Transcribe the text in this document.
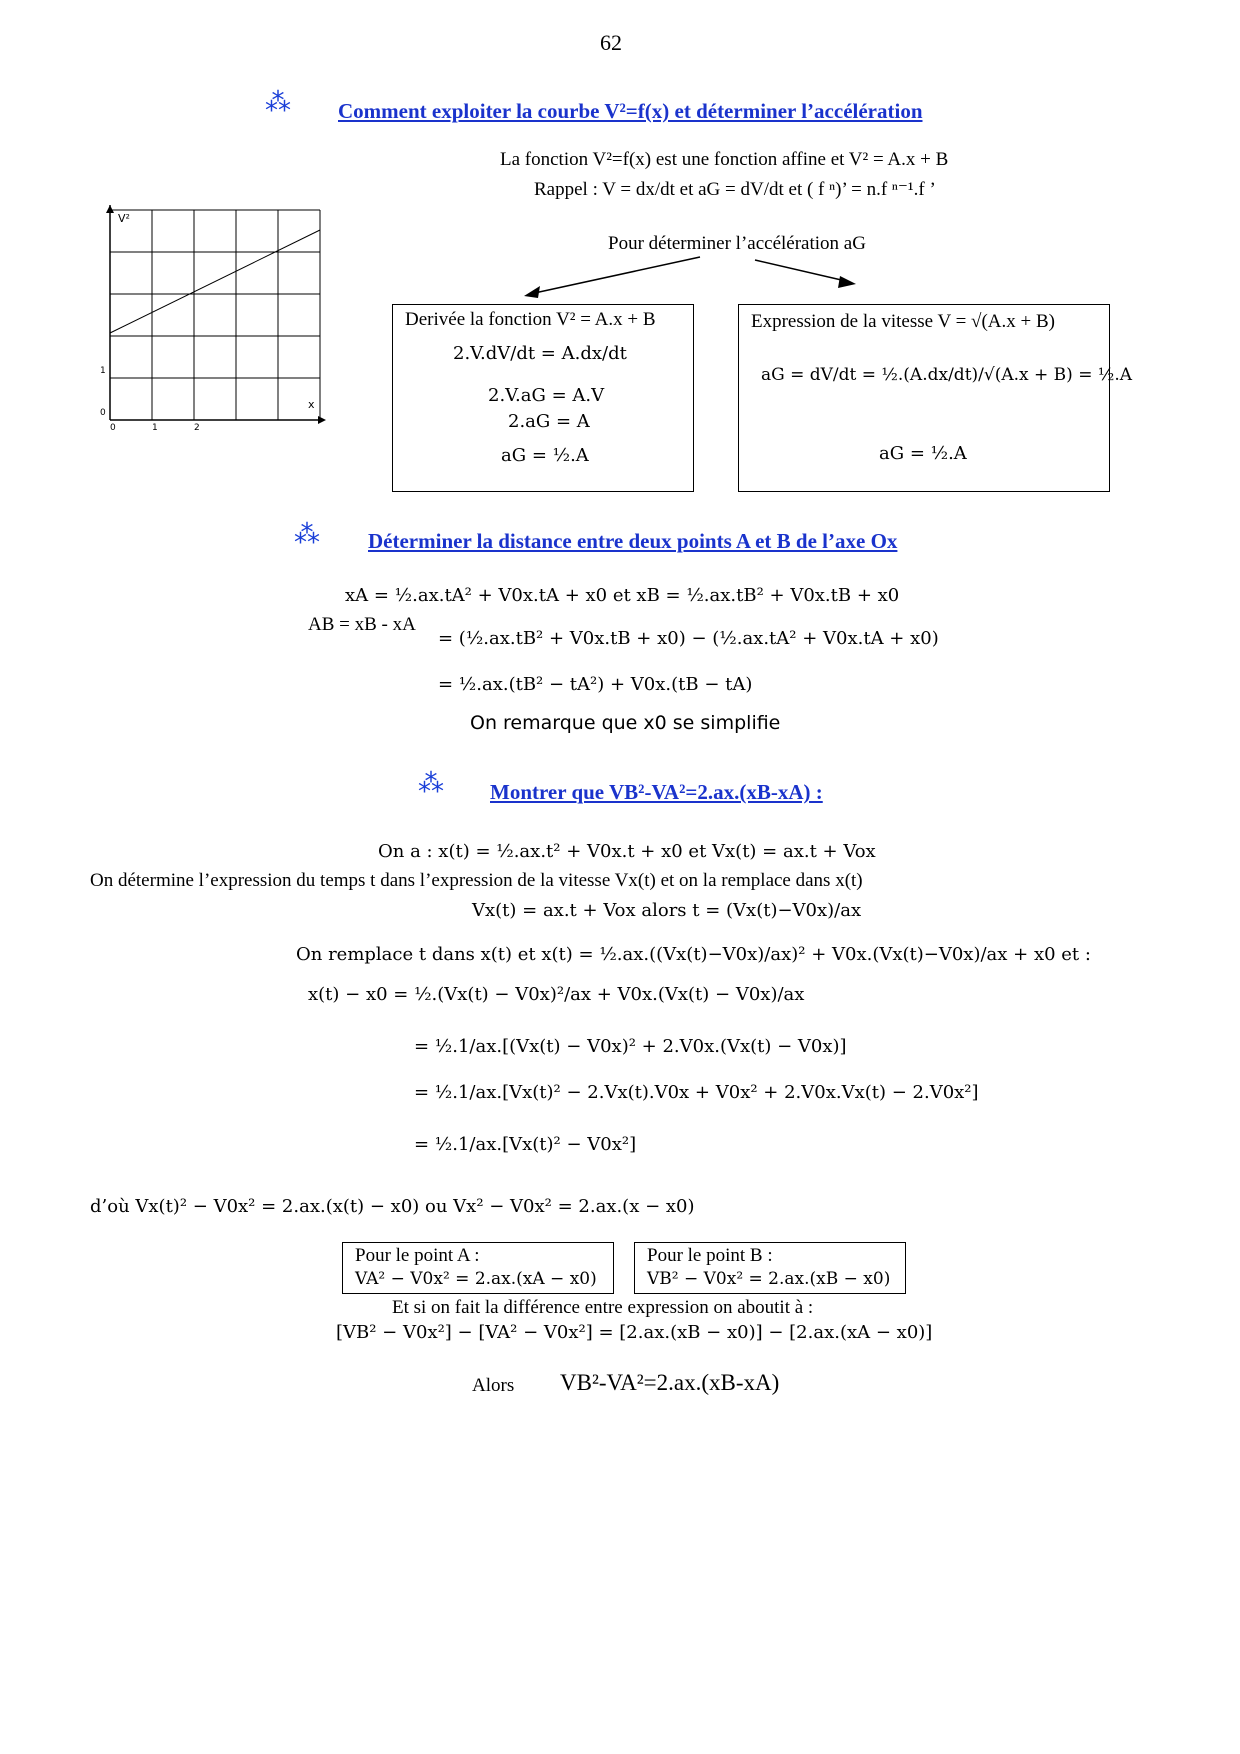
62
⁂ Comment exploiter la courbe V²=f(x) et déterminer l’accélération
La fonction V²=f(x) est une fonction affine et V² = A.x + B
Rappel : V = dx/dt et aG = dV/dt et ( f ⁿ)’ = n.f ⁿ⁻¹.f ’
Pour déterminer l’accélération aG
V²
x
1
0
0	1	2
Derivée la fonction V² = A.x + B
2.V.dV/dt = A.dx/dt
2.V.aG = A.V
2.aG = A
aG = ½.A
Expression de la vitesse V = √(A.x + B)
aG = dV/dt = ½.(A.dx/dt)/√(A.x + B) = ½.A
aG = ½.A
⁂ Déterminer la distance entre deux points A et B de l’axe Ox
xA = ½.ax.tA² + V0x.tA + x0 et xB = ½.ax.tB² + V0x.tB + x0
AB = xB - xA
= (½.ax.tB² + V0x.tB + x0) − (½.ax.tA² + V0x.tA + x0)
= ½.ax.(tB² − tA²) + V0x.(tB − tA)
On remarque que x0 se simplifie
⁂ Montrer que VB²-VA²=2.ax.(xB-xA) :
On a : x(t) = ½.ax.t² + V0x.t + x0 et Vx(t) = ax.t + Vox
On détermine l’expression du temps t dans l’expression de la vitesse Vx(t) et on la remplace dans x(t)
Vx(t) = ax.t + Vox alors t = (Vx(t)−V0x)/ax
On remplace t dans x(t) et x(t) = ½.ax.((Vx(t)−V0x)/ax)² + V0x.(Vx(t)−V0x)/ax + x0 et :
x(t) − x0 = ½.(Vx(t) − V0x)²/ax + V0x.(Vx(t) − V0x)/ax
= ½.1/ax.[(Vx(t) − V0x)² + 2.V0x.(Vx(t) − V0x)]
= ½.1/ax.[Vx(t)² − 2.Vx(t).V0x + V0x² + 2.V0x.Vx(t) − 2.V0x²]
= ½.1/ax.[Vx(t)² − V0x²]
d’où Vx(t)² − V0x² = 2.ax.(x(t) − x0) ou Vx² − V0x² = 2.ax.(x − x0)
Pour le point A :
VA² − V0x² = 2.ax.(xA − x0)
Pour le point B :
VB² − V0x² = 2.ax.(xB − x0)
Et si on fait la différence entre expression on aboutit à :
[VB² − V0x²] − [VA² − V0x²] = [2.ax.(xB − x0)] − [2.ax.(xA − x0)]
Alors VB²-VA²=2.ax.(xB-xA)
